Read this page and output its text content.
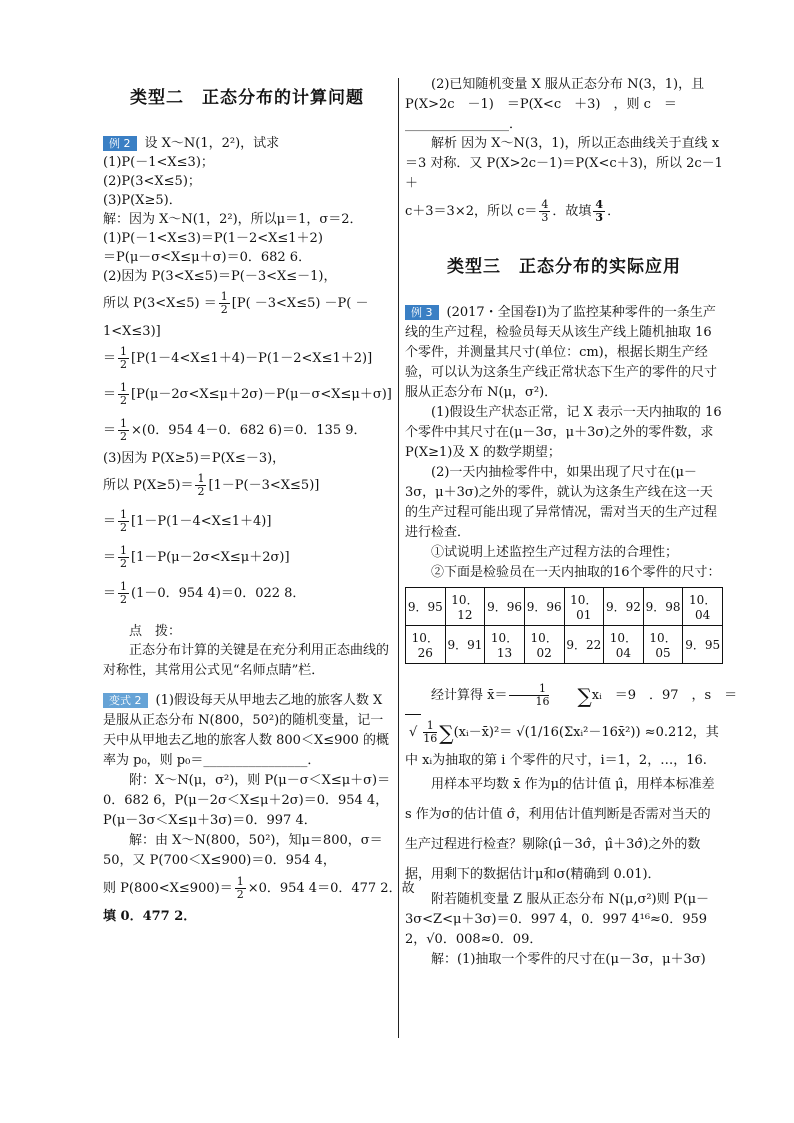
类型二　正态分布的计算问题

例 2 设 X～N(1，2²)，试求

(1)P(－1<X≤3)；

(2)P(3<X≤5)；

(3)P(X≥5)．

解：因为 X～N(1，2²)，所以μ＝1，σ＝2．

(1)P(－1<X≤3)＝P(1－2<X≤1＋2)

＝P(μ－σ<X≤μ＋σ)＝0．682 6．

(2)因为 P(3<X≤5)＝P(－3<X≤－1)，

所以 $P(3<X\le 5) = \frac{1}{2} [P( -3<X\le 5) -P$( －

1<X≤3)]

＝ $\frac{1}{2} [P(1-4<X\le 1+4)-P(1-2<X\le 1+2)]$

＝ $\frac{1}{2} [P(\mu-2\sigma<X\le\mu+2\sigma)-P(\mu-\sigma<X\le\mu+\sigma)]$

＝ $\frac{1}{2} \times(0$．954 4－0．682 6)＝0．135 9．

(3)因为 P(X≥5)＝P(X≤－3)，

所以 $P(X\ge 5)= \frac{1}{2} [1-P(-3<X\le 5)]$

＝ $\frac{1}{2} [1-P(1-4<X\le 1+4)]$

＝ $\frac{1}{2} [1-P(\mu-2\sigma<X\le\mu+2\sigma)]$

＝ $\frac{1}{2} (1-0$．954 4)＝0．022 8．

点　拨：

正态分布计算的关键是在充分利用正态曲线的对称性，其常用公式见“名师点睛”栏．

变式 2 (1)假设每天从甲地去乙地的旅客人数 X 是服从正态分布 N(800，50²)的随机变量，记一天中从甲地去乙地的旅客人数 800＜X≤900 的概率为 p₀，则 p₀＝________________．

附：X～N(μ，σ²)，则 P(μ－σ＜X≤μ＋σ)＝0．682 6，P(μ－2σ＜X≤μ＋2σ)＝0．954 4，P(μ－3σ＜X≤μ＋3σ)＝0．997 4．

解：由 X～N(800，50²)，知μ＝800，σ＝50，又 P(700＜X≤900)＝0．954 4，

则 $P(800<X\le 900)= \frac{1}{2} \times 0$．954 4＝0．477 2．故

填 0．477 2．

(2)已知随机变量 X 服从正态分布 N(3，1)，且 P(X>2c　－1)　＝P(X<c　＋3)　，则 c　＝

________________．

解析 因为 X～N(3，1)，所以正态曲线关于直线 x＝3 对称．又 P(X>2c－1)＝P(X<c＋3)，所以 2c－1＋

c＋3＝3×2，所以 $c= \frac{4}{3}$ ．故填 $\frac{4}{3}$ ．

类型三　正态分布的实际应用

例 3 (2017・全国卷Ⅰ)为了监控某种零件的一条生产线的生产过程，检验员每天从该生产线上随机抽取 16 个零件，并测量其尺寸(单位：cm)，根据长期生产经验，可以认为这条生产线正常状态下生产的零件的尺寸服从正态分布 N(μ，σ²)．

(1)假设生产状态正常，记 X 表示一天内抽取的 16 个零件中其尺寸在(μ－3σ，μ＋3σ)之外的零件数，求 P(X≥1)及 X 的数学期望；

(2)一天内抽检零件中，如果出现了尺寸在(μ－3σ，μ＋3σ)之外的零件，就认为这条生产线在这一天的生产过程可能出现了异常情况，需对当天的生产过程进行检查．

①试说明上述监控生产过程方法的合理性；

②下面是检验员在一天内抽取的16个零件的尺寸：

9．95	10．12	9．96	9．96	10．01	9．92	9．98	10．04
10．26	9．91	10．13	10．02	9．22	10．04	10．05	9．95

经计算得 x̄＝ $\frac{1}{16}$ ∑xᵢ　＝9　．97　，s　＝

√ $\frac{1}{16}$ ∑(xᵢ－x̄)²＝ √(1/16(Σxᵢ²－16x̄²)) ≈0.212，其

中 xᵢ为抽取的第 i 个零件的尺寸，i＝1，2，…，16.

用样本平均数 x̄ 作为μ的估计值 μ̂，用样本标准差 s 作为σ的估计值 σ̂，利用估计值判断是否需对当天的生产过程进行检查？剔除(μ̂－3σ̂，μ̂＋3σ̂)之外的数据，用剩下的数据估计μ和σ(精确到 0.01)．

附若随机变量 Z 服从正态分布 N(μ,σ²)则 P(μ－3σ<Z<μ＋3σ)＝0．997 4，0．997 4¹⁶≈0．959 2，√0．008≈0．09．

解：(1)抽取一个零件的尺寸在(μ－3σ，μ＋3σ)
